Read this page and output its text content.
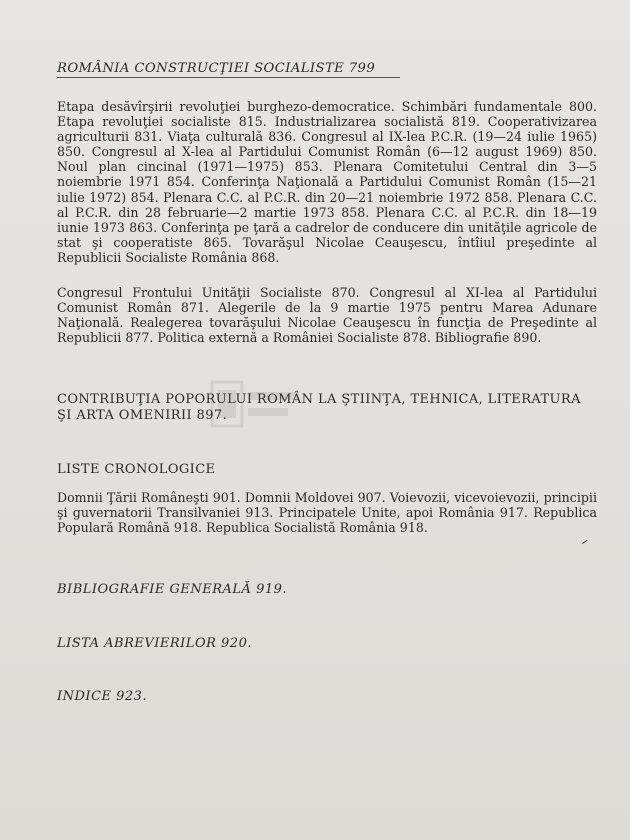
ROMÂNIA CONSTRUCŢIEI SOCIALISTE 799

Etapa desăvîrşirii revoluţiei burghezo-democratice. Schimbări fundamentale 800. Etapa revoluţiei socialiste 815. Industrializarea socialistă 819. Cooperativizarea agriculturii 831. Viaţa culturală 836. Congresul al IX-lea P.C.R. (19—24 iulie 1965) 850. Congresul al X-lea al Partidului Comunist Român (6—12 august 1969) 850. Noul plan cincinal (1971—1975) 853. Plenara Comitetului Central din 3—5 noiembrie 1971 854. Conferinţa Naţională a Partidului Comunist Român (15—21 iulie 1972) 854. Plenara C.C. al P.C.R. din 20—21 noiembrie 1972 858. Plenara C.C. al P.C.R. din 28 februarie—2 martie 1973 858. Plenara C.C. al P.C.R. din 18—19 iunie 1973 863. Conferinţa pe ţară a cadrelor de conducere din unităţile agricole de stat şi cooperatiste 865. Tovarăşul Nicolae Ceauşescu, întîiul preşedinte al Republicii Socialiste România 868.

Congresul Frontului Unităţii Socialiste 870. Congresul al XI-lea al Partidului Comunist Român 871. Alegerile de la 9 martie 1975 pentru Marea Adunare Naţională. Realegerea tovarăşului Nicolae Ceauşescu în funcţia de Preşedinte al Republicii 877. Politica externă a României Socialiste 878. Bibliografie 890.

CONTRIBUŢIA POPORULUI ROMÂN LA ŞTIINŢA, TEHNICA, LITERATURA ŞI ARTA OMENIRII 897.
LISTE CRONOLOGICE

Domnii Ţării Româneşti 901. Domnii Moldovei 907. Voievozii, vicevoievozii, principii şi guvernatorii Transilvaniei 913. Principatele Unite, apoi România 917. Republica Populară Română 918. Republica Socialistă România 918.

BIBLIOGRAFIE GENERALĂ 919.
LISTA ABREVIERILOR 920.
INDICE 923.
